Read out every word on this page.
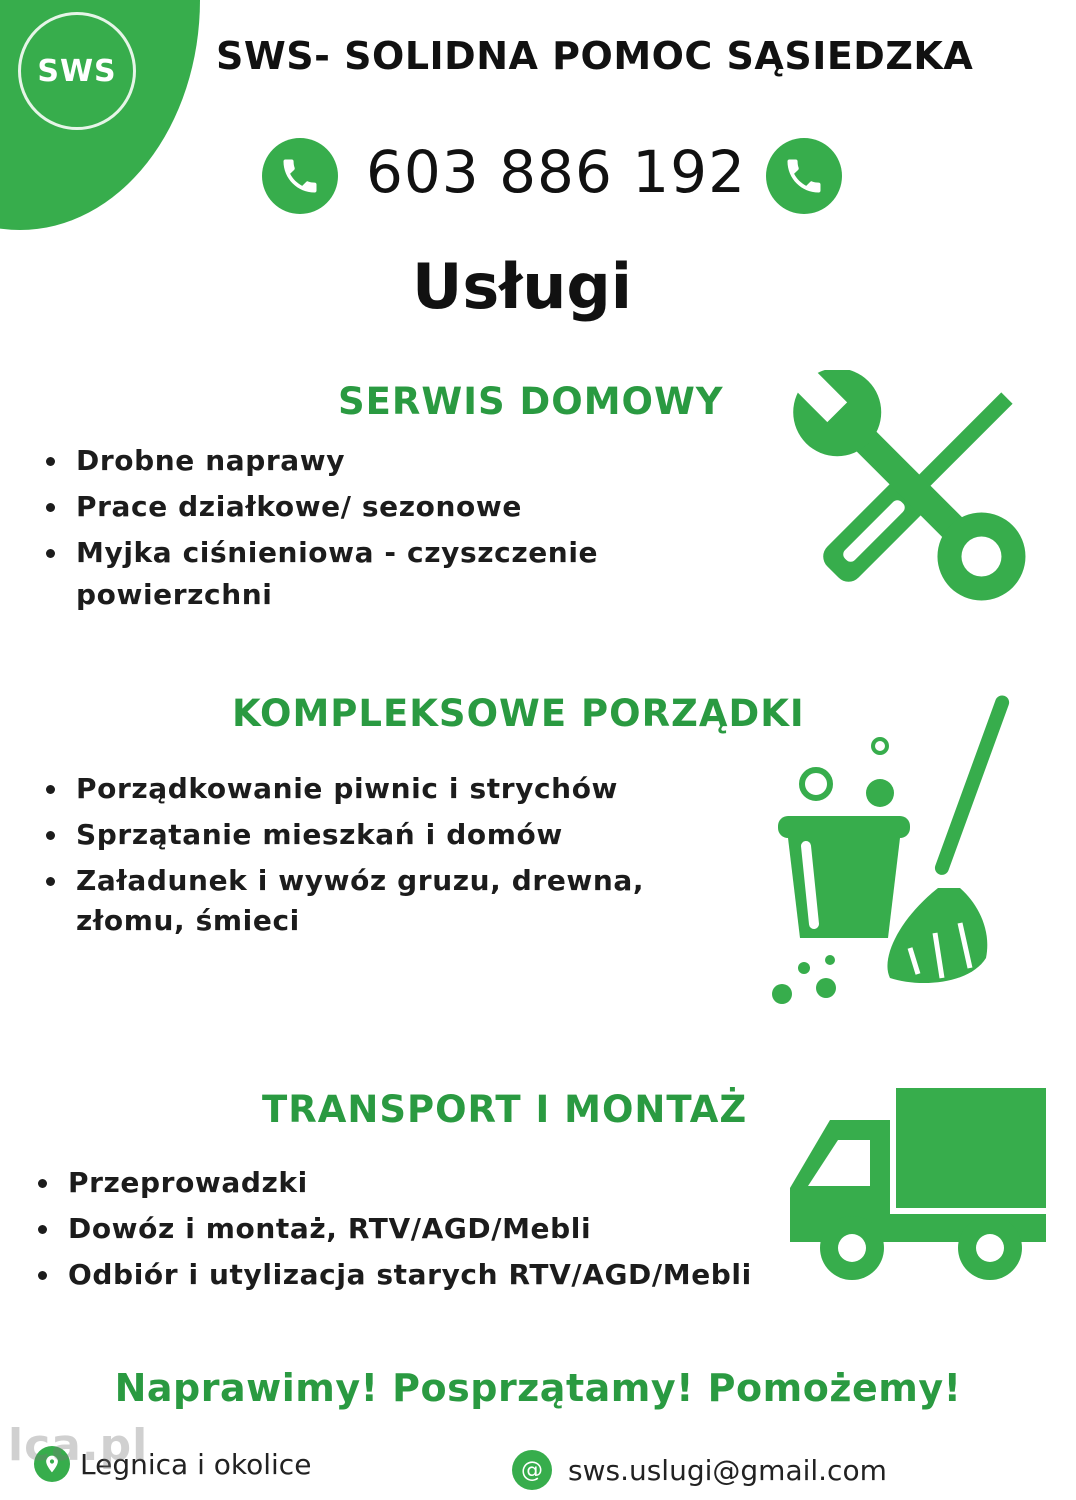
SWS	SWS- SOLIDNA POMOC SĄSIEDZKA
603 886 192
Usługi
SERWIS DOMOWY
Drobne naprawy
Prace działkowe/ sezonowe
Myjka ciśnieniowa - czyszczenie
powierzchni
KOMPLEKSOWE PORZĄDKI
Porządkowanie piwnic i strychów
Sprzątanie mieszkań i domów
Załadunek i wywóz gruzu, drewna,
złomu, śmieci
TRANSPORT I MONTAŻ
Przeprowadzki
Dowóz i montaż, RTV/AGD/Mebli
Odbiór i utylizacja starych RTV/AGD/Mebli
Naprawimy! Posprzątamy! Pomożemy!
Legnica i okolice	@ sws.uslugi@gmail.com
lca.pl
